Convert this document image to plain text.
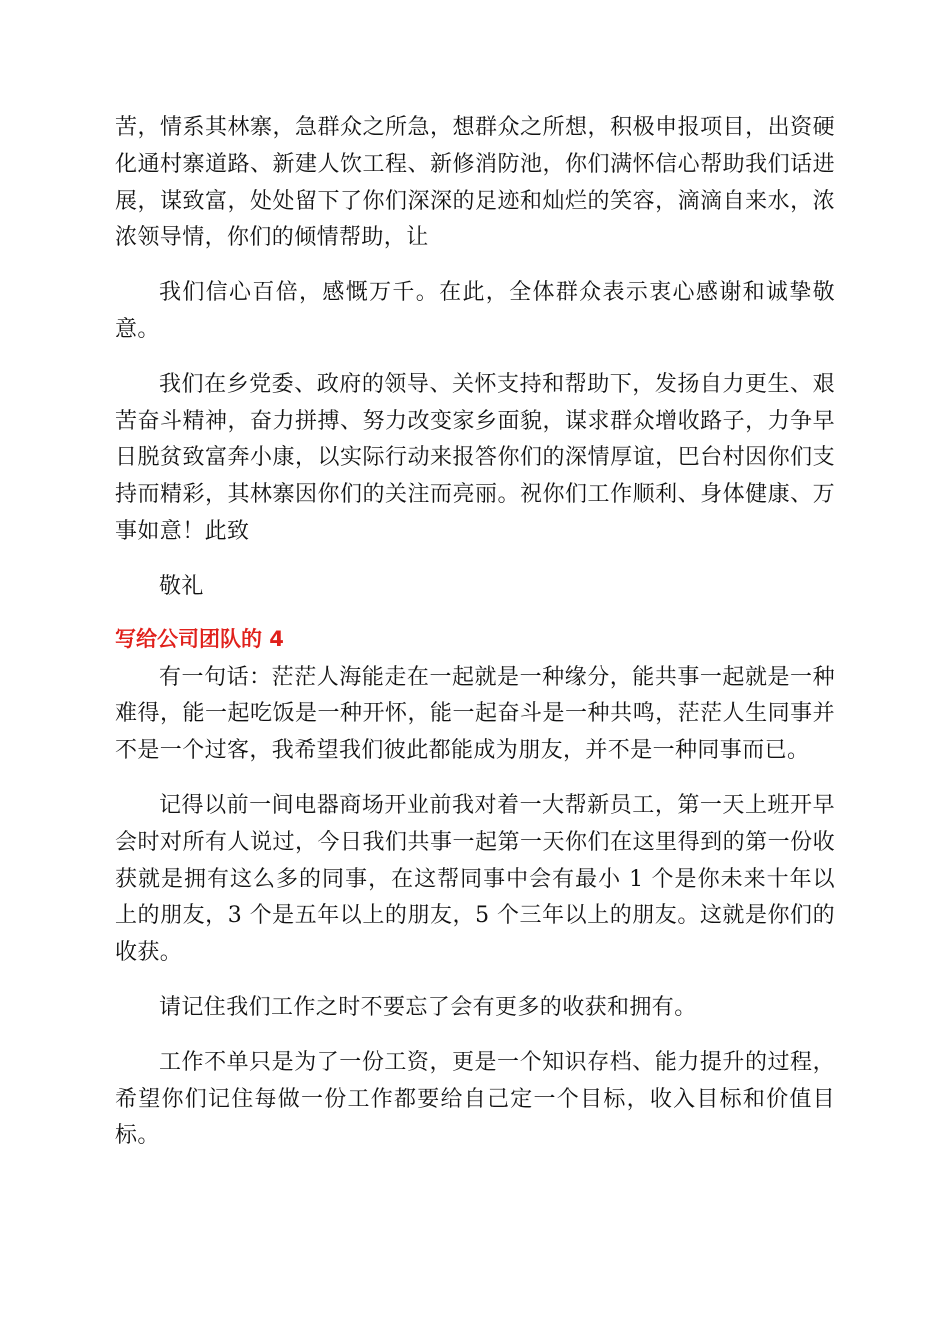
苦，情系其林寨，急群众之所急，想群众之所想，积极申报项目，出资硬化通村寨道路、新建人饮工程、新修消防池，你们满怀信心帮助我们话进展，谋致富，处处留下了你们深深的足迹和灿烂的笑容，滴滴自来水，浓浓领导情，你们的倾情帮助，让

我们信心百倍，感慨万千。在此，全体群众表示衷心感谢和诚挚敬意。

我们在乡党委、政府的领导、关怀支持和帮助下，发扬自力更生、艰苦奋斗精神，奋力拼搏、努力改变家乡面貌，谋求群众增收路子，力争早日脱贫致富奔小康，以实际行动来报答你们的深情厚谊，巴台村因你们支持而精彩，其林寨因你们的关注而亮丽。祝你们工作顺利、身体健康、万事如意！此致

敬礼

写给公司团队的 4

有一句话：茫茫人海能走在一起就是一种缘分，能共事一起就是一种难得，能一起吃饭是一种开怀，能一起奋斗是一种共鸣，茫茫人生同事并不是一个过客，我希望我们彼此都能成为朋友，并不是一种同事而已。

记得以前一间电器商场开业前我对着一大帮新员工，第一天上班开早会时对所有人说过，今日我们共事一起第一天你们在这里得到的第一份收获就是拥有这么多的同事，在这帮同事中会有最小 1 个是你未来十年以上的朋友，3 个是五年以上的朋友，5 个三年以上的朋友。这就是你们的收获。

请记住我们工作之时不要忘了会有更多的收获和拥有。

工作不单只是为了一份工资，更是一个知识存档、能力提升的过程，希望你们记住每做一份工作都要给自己定一个目标，收入目标和价值目标。
